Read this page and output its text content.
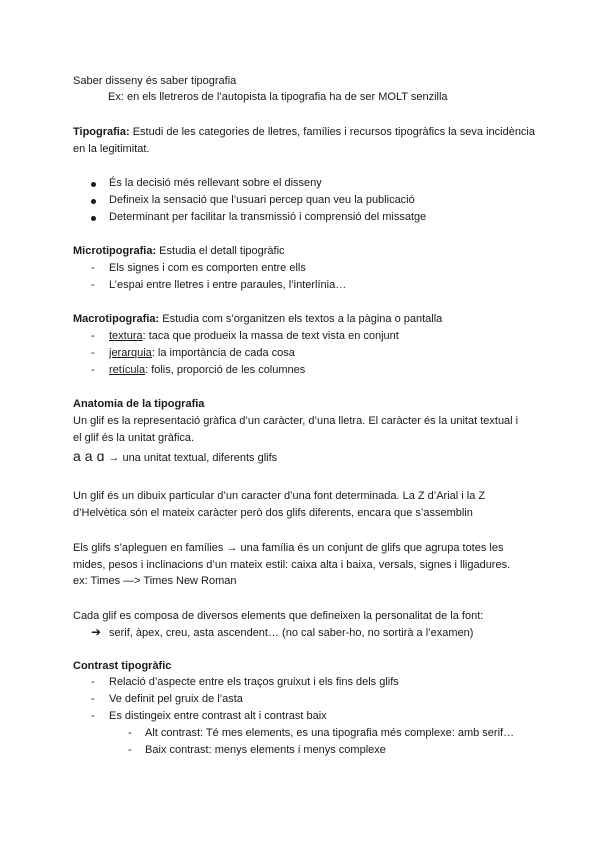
Saber disseny és saber tipografia
Ex: en els lletreros de l’autopista la tipografia ha de ser MOLT senzilla
Tipografia: Estudi de les categories de lletres, famílies i recursos tipogràfics la seva incidència
en la legitimitat.
És la decisió més rellevant sobre el disseny
Defineix la sensació que l’usuari percep quan veu la publicació
Determinant per facilitar la transmissió i comprensió del missatge
Microtipografia: Estudia el detall tipogràfic
- Els signes i com es comporten entre ells
- L’espai entre lletres i entre paraules, l’interlínia…
Macrotipografia: Estudia com s’organitzen els textos a la pàgina o pantalla
- textura: taca que produeix la massa de text vista en conjunt
- jerarquia: la importància de cada cosa
- retícula: folis, proporció de les columnes
Anatomia de la tipografia
Un glif es la representació gràfica d’un caràcter, d’una lletra. El caràcter és la unitat textual i
el glif és la unitat gràfica.
a a ɑ → una unitat textual, diferents glifs
Un glif és un dibuix particular d’un caracter d’una font determinada. La Z d’Arial i la Z
d’Helvètica són el mateix caràcter però dos glifs diferents, encara que s’assemblin
Els glifs s’apleguen en famílies → una família és un conjunt de glifs que agrupa totes les
mides, pesos i inclinacions d’un mateix estil: caixa alta i baixa, versals, signes i lligadures.
ex: Times —> Times New Roman
Cada glif es composa de diversos elements que defineixen la personalitat de la font:
➔ serif, àpex, creu, asta ascendent… (no cal saber-ho, no sortirà a l’examen)
Contrast tipogràfic
- Relació d’aspecte entre els traços gruixut i els fins dels glifs
- Ve definit pel gruix de l’asta
- Es distingeix entre contrast alt i contrast baix
- Alt contrast: Té mes elements, es una tipografia més complexe: amb serif…
- Baix contrast: menys elements i menys complexe
